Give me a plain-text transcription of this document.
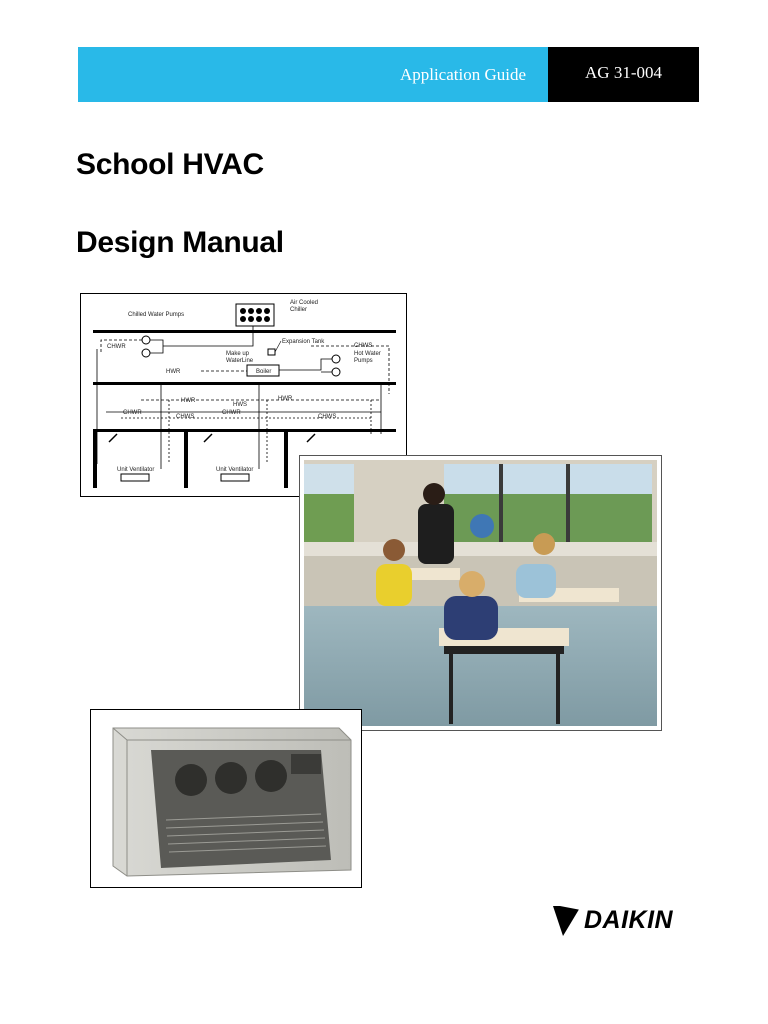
Application Guide	AG 31-004
School HVAC
Design Manual
Air Cooled
Chiller
Chilled Water Pumps
CHWR
Expansion Tank
Make up
WaterLine
Boiler
CHWS
Hot Water
Pumps
HWR
HWR	HWR
HWS
CHWR	CHWR
CHWS	CHWS
Unit Ventilator	Unit Ventilator
DAIKIN
